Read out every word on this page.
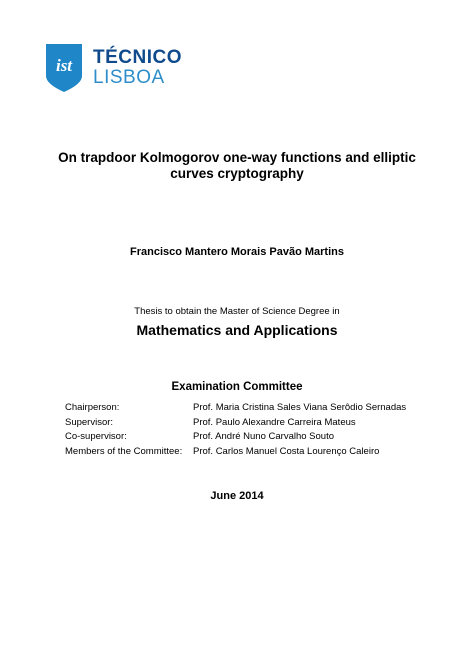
ist TÉCNICO
LISBOA
On trapdoor Kolmogorov one-way functions and elliptic
curves cryptography
Francisco Mantero Morais Pavão Martins
Thesis to obtain the Master of Science Degree in
Mathematics and Applications
Examination Committee
Chairperson:	Prof. Maria Cristina Sales Viana Serôdio Sernadas
Supervisor:	Prof. Paulo Alexandre Carreira Mateus
Co-supervisor:	Prof. André Nuno Carvalho Souto
Members of the Committee:	Prof. Carlos Manuel Costa Lourenço Caleiro
June 2014
